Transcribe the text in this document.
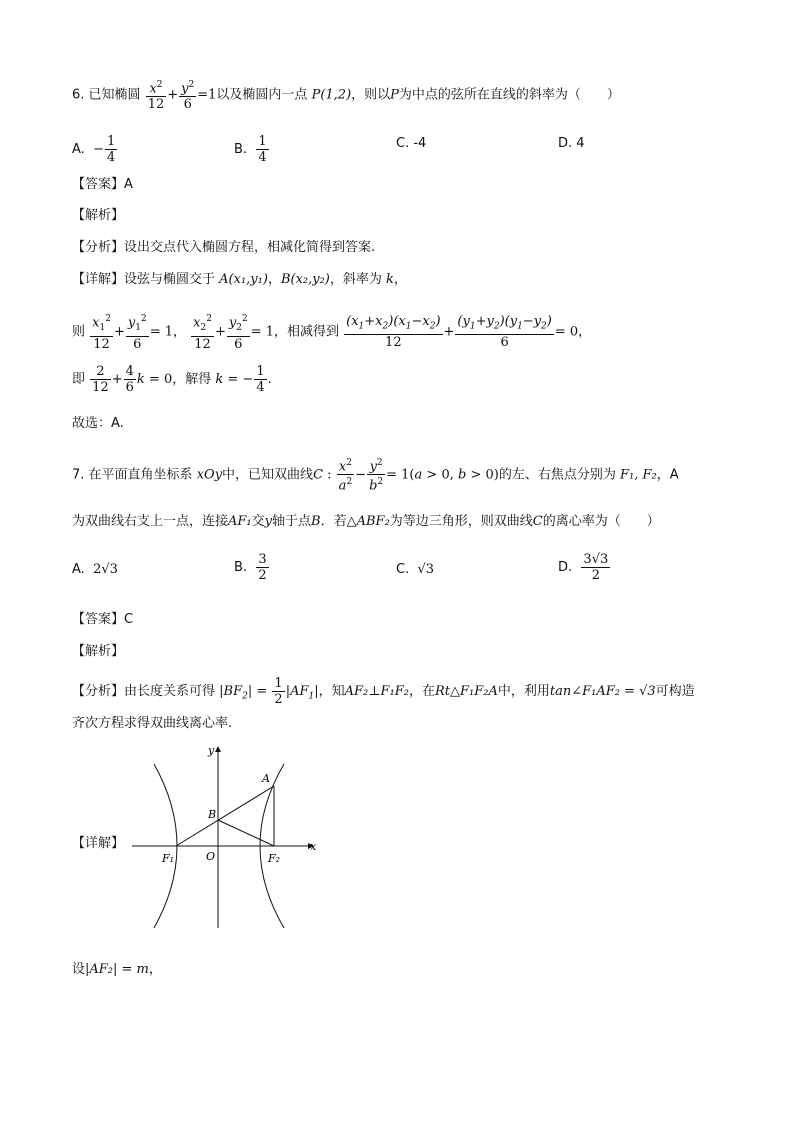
6. 已知椭圆 $\frac{x^2}{12} + \frac{y^2}{6} =1$以及椭圆内一点 P(1,2)，则以P为中点的弦所在直线的斜率为（　　）
A. − $\frac{1}{4}$	B. $\frac{1}{4}$	C. -4	D. 4
【答案】A
【解析】
【分析】设出交点代入椭圆方程，相减化简得到答案.
【详解】设弦与椭圆交于 A(x₁,y₁)，B(x₂,y₂)，斜率为 k，
则 $\frac{x_1^2}{12} + \frac{y_1^2}{6} = 1$， $\frac{x_2^2}{12} + \frac{y_2^2}{6} = 1$，相减得到 $\frac{(x_1+x_2)(x_1-x_2)}{12} + \frac{(y_1+y_2)(y_1-y_2)}{6} = 0$，
即 $\frac{2}{12} + \frac{4}{6}$ k = 0，解得 k = − $\frac{1}{4}$ .
故选：A.
7. 在平面直角坐标系 xOy中，已知双曲线C : $\frac{x^2}{a^2} - \frac{y^2}{b^2} = 1(a > 0$, b > 0)的左、右焦点分别为 F₁, F₂，A
为双曲线右支上一点，连接AF₁交y轴于点B．若△ABF₂为等边三角形，则双曲线C的离心率为（　　）
A. 2√3	B. $\frac{3}{2}$	C. √3	D. $\frac{3√3}{2}$
【答案】C
【解析】
【分析】由长度关系可得 $|BF_2| = \frac{1}{2} |AF_1|$，知AF₂⊥F₁F₂，在Rt△F₁F₂A中，利用tan∠F₁AF₂ = √3可构造
齐次方程求得双曲线离心率.
【详解】
y
x
A
B
O
F₁	F₂
设|AF₂| = m，
